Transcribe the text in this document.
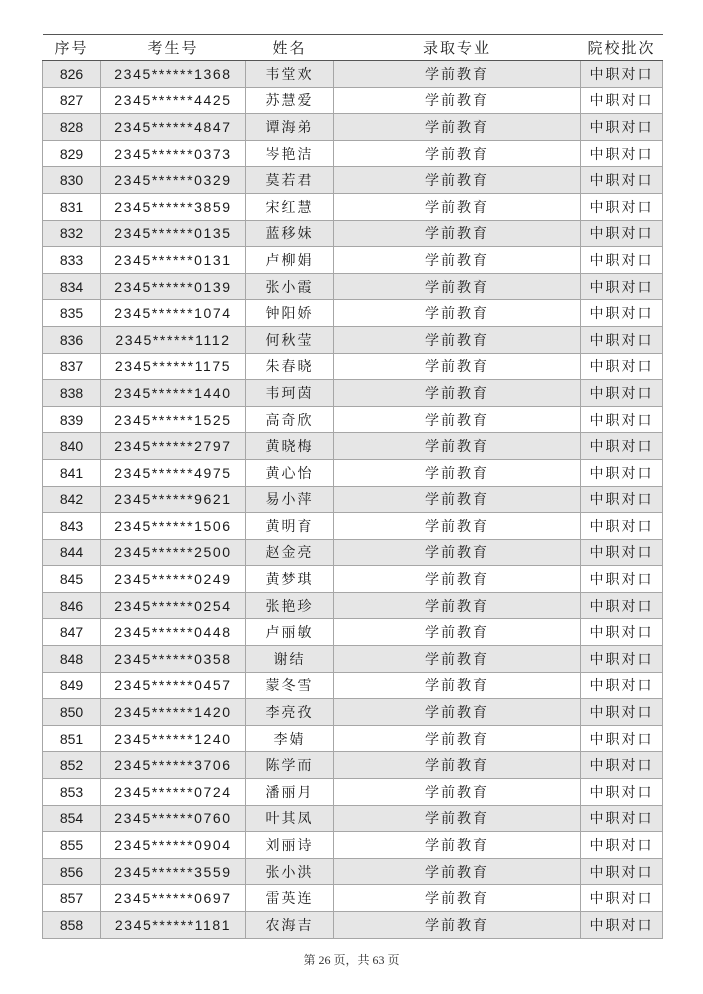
序号	考生号	姓名	录取专业	院校批次
826	2345******1368	韦堂欢	学前教育	中职对口
827	2345******4425	苏慧爱	学前教育	中职对口
828	2345******4847	谭海弟	学前教育	中职对口
829	2345******0373	岑艳洁	学前教育	中职对口
830	2345******0329	莫若君	学前教育	中职对口
831	2345******3859	宋红慧	学前教育	中职对口
832	2345******0135	蓝移妹	学前教育	中职对口
833	2345******0131	卢柳娟	学前教育	中职对口
834	2345******0139	张小霞	学前教育	中职对口
835	2345******1074	钟阳娇	学前教育	中职对口
836	2345******1112	何秋莹	学前教育	中职对口
837	2345******1175	朱春晓	学前教育	中职对口
838	2345******1440	韦珂茵	学前教育	中职对口
839	2345******1525	高奇欣	学前教育	中职对口
840	2345******2797	黄晓梅	学前教育	中职对口
841	2345******4975	黄心怡	学前教育	中职对口
842	2345******9621	易小萍	学前教育	中职对口
843	2345******1506	黄明育	学前教育	中职对口
844	2345******2500	赵金亮	学前教育	中职对口
845	2345******0249	黄梦琪	学前教育	中职对口
846	2345******0254	张艳珍	学前教育	中职对口
847	2345******0448	卢丽敏	学前教育	中职对口
848	2345******0358	谢结	学前教育	中职对口
849	2345******0457	蒙冬雪	学前教育	中职对口
850	2345******1420	李亮孜	学前教育	中职对口
851	2345******1240	李婧	学前教育	中职对口
852	2345******3706	陈学而	学前教育	中职对口
853	2345******0724	潘丽月	学前教育	中职对口
854	2345******0760	叶其凤	学前教育	中职对口
855	2345******0904	刘丽诗	学前教育	中职对口
856	2345******3559	张小洪	学前教育	中职对口
857	2345******0697	雷英连	学前教育	中职对口
858	2345******1181	农海吉	学前教育	中职对口
第 26 页，共 63 页
